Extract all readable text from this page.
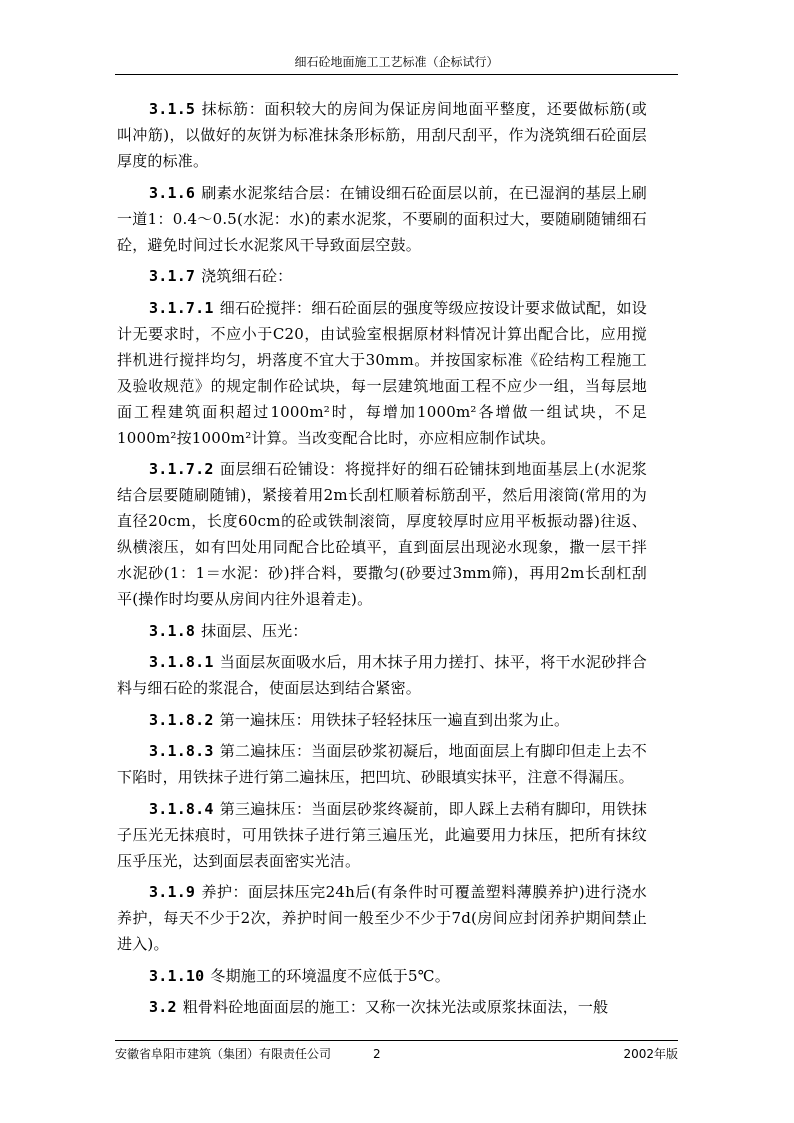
细石砼地面施工工艺标准（企标试行）

3.1.5 抹标筋：面积较大的房间为保证房间地面平整度，还要做标筋(或叫冲筋)，以做好的灰饼为标准抹条形标筋，用刮尺刮平，作为浇筑细石砼面层厚度的标准。

3.1.6 刷素水泥浆结合层：在铺设细石砼面层以前，在已湿润的基层上刷一道1：0.4～0.5(水泥：水)的素水泥浆，不要刷的面积过大，要随刷随铺细石砼，避免时间过长水泥浆风干导致面层空鼓。

3.1.7 浇筑细石砼：

3.1.7.1 细石砼搅拌：细石砼面层的强度等级应按设计要求做试配，如设计无要求时，不应小于C20，由试验室根据原材料情况计算出配合比，应用搅拌机进行搅拌均匀，坍落度不宜大于30mm。并按国家标准《砼结构工程施工及验收规范》的规定制作砼试块，每一层建筑地面工程不应少一组，当每层地面工程建筑面积超过1000m²时，每增加1000m²各增做一组试块，不足1000m²按1000m²计算。当改变配合比时，亦应相应制作试块。

3.1.7.2 面层细石砼铺设：将搅拌好的细石砼铺抹到地面基层上(水泥浆结合层要随刷随铺)，紧接着用2m长刮杠顺着标筋刮平，然后用滚筒(常用的为直径20cm，长度60cm的砼或铁制滚筒，厚度较厚时应用平板振动器)往返、纵横滚压，如有凹处用同配合比砼填平，直到面层出现泌水现象，撒一层干拌水泥砂(1：1＝水泥：砂)拌合料，要撒匀(砂要过3mm筛)，再用2m长刮杠刮平(操作时均要从房间内往外退着走)。

3.1.8 抹面层、压光：

3.1.8.1 当面层灰面吸水后，用木抹子用力搓打、抹平，将干水泥砂拌合料与细石砼的浆混合，使面层达到结合紧密。

3.1.8.2 第一遍抹压：用铁抹子轻轻抹压一遍直到出浆为止。

3.1.8.3 第二遍抹压：当面层砂浆初凝后，地面面层上有脚印但走上去不下陷时，用铁抹子进行第二遍抹压，把凹坑、砂眼填实抹平，注意不得漏压。

3.1.8.4 第三遍抹压：当面层砂浆终凝前，即人踩上去稍有脚印，用铁抹子压光无抹痕时，可用铁抹子进行第三遍压光，此遍要用力抹压，把所有抹纹压乎压光，达到面层表面密实光洁。

3.1.9 养护：面层抹压完24h后(有条件时可覆盖塑料薄膜养护)进行浇水养护，每天不少于2次，养护时间一般至少不少于7d(房间应封闭养护期间禁止进入)。

3.1.10 冬期施工的环境温度不应低于5℃。

3.2 粗骨料砼地面面层的施工：又称一次抹光法或原浆抹面法，一般

安徽省阜阳市建筑（集团）有限责任公司	2	2002年版
